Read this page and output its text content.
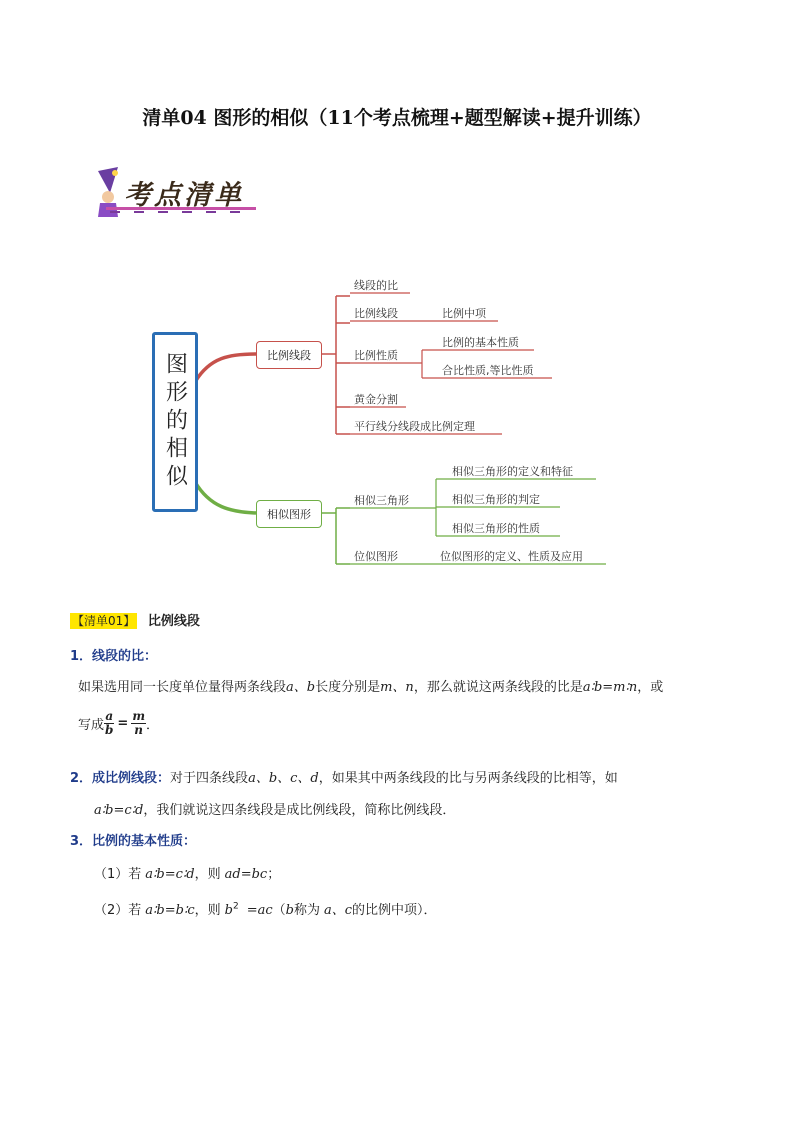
清单04 图形的相似（11个考点梳理+题型解读+提升训练）
考点清单
图形的相似	比例线段
相似图形
线段的比
比例线段	比例中项
比例性质
比例的基本性质
合比性质,等比性质
黄金分割
平行线分线段成比例定理
相似三角形
相似三角形的定义和特征
相似三角形的判定
相似三角形的性质
位似图形	位似图形的定义、性质及应用
【清单01】 比例线段
1．线段的比：
如果选用同一长度单位量得两条线段a、b长度分别是m、n，那么就说这两条线段的比是a∶b=m∶n，或
写成 $\frac{a}{b} = \frac{m}{n}$ ．
2．成比例线段：对于四条线段a、b、c、d，如果其中两条线段的比与另两条线段的比相等，如
a∶b=c∶d，我们就说这四条线段是成比例线段，简称比例线段．
3．比例的基本性质：
（1）若 a∶b=c∶d，则 ad=bc；
（2）若 a∶b=b∶c，则 $b^2 =ac(b$称为 a、c的比例中项）．
